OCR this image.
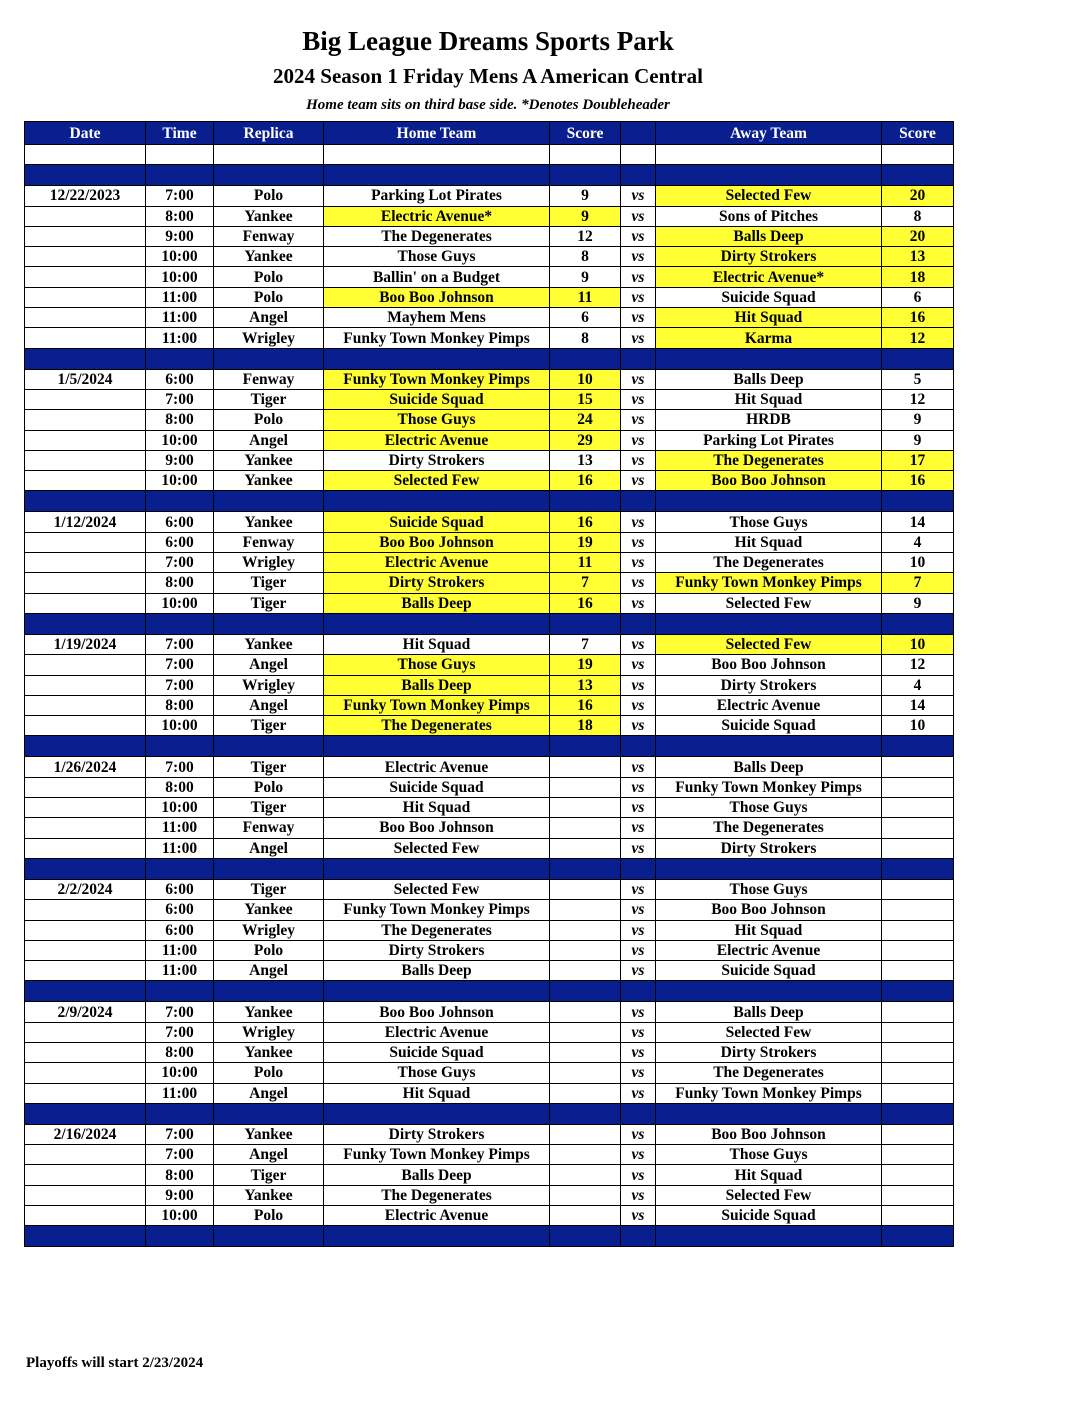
Big League Dreams Sports Park
2024 Season 1 Friday Mens A American Central
Home team sits on third base side. *Denotes Doubleheader
Date	Time	Replica	Home Team	Score		Away Team	Score

12/22/2023	7:00	Polo	Parking Lot Pirates	9	vs	Selected Few	20
	8:00	Yankee	Electric Avenue*	9	vs	Sons of Pitches	8
	9:00	Fenway	The Degenerates	12	vs	Balls Deep	20
	10:00	Yankee	Those Guys	8	vs	Dirty Strokers	13
	10:00	Polo	Ballin' on a Budget	9	vs	Electric Avenue*	18
	11:00	Polo	Boo Boo Johnson	11	vs	Suicide Squad	6
	11:00	Angel	Mayhem Mens	6	vs	Hit Squad	16
	11:00	Wrigley	Funky Town Monkey Pimps	8	vs	Karma	12

1/5/2024	6:00	Fenway	Funky Town Monkey Pimps	10	vs	Balls Deep	5
	7:00	Tiger	Suicide Squad	15	vs	Hit Squad	12
	8:00	Polo	Those Guys	24	vs	HRDB	9
	10:00	Angel	Electric Avenue	29	vs	Parking Lot Pirates	9
	9:00	Yankee	Dirty Strokers	13	vs	The Degenerates	17
	10:00	Yankee	Selected Few	16	vs	Boo Boo Johnson	16

1/12/2024	6:00	Yankee	Suicide Squad	16	vs	Those Guys	14
	6:00	Fenway	Boo Boo Johnson	19	vs	Hit Squad	4
	7:00	Wrigley	Electric Avenue	11	vs	The Degenerates	10
	8:00	Tiger	Dirty Strokers	7	vs	Funky Town Monkey Pimps	7
	10:00	Tiger	Balls Deep	16	vs	Selected Few	9

1/19/2024	7:00	Yankee	Hit Squad	7	vs	Selected Few	10
	7:00	Angel	Those Guys	19	vs	Boo Boo Johnson	12
	7:00	Wrigley	Balls Deep	13	vs	Dirty Strokers	4
	8:00	Angel	Funky Town Monkey Pimps	16	vs	Electric Avenue	14
	10:00	Tiger	The Degenerates	18	vs	Suicide Squad	10

1/26/2024	7:00	Tiger	Electric Avenue		vs	Balls Deep	
	8:00	Polo	Suicide Squad		vs	Funky Town Monkey Pimps	
	10:00	Tiger	Hit Squad		vs	Those Guys	
	11:00	Fenway	Boo Boo Johnson		vs	The Degenerates	
	11:00	Angel	Selected Few		vs	Dirty Strokers	

2/2/2024	6:00	Tiger	Selected Few		vs	Those Guys	
	6:00	Yankee	Funky Town Monkey Pimps		vs	Boo Boo Johnson	
	6:00	Wrigley	The Degenerates		vs	Hit Squad	
	11:00	Polo	Dirty Strokers		vs	Electric Avenue	
	11:00	Angel	Balls Deep		vs	Suicide Squad	

2/9/2024	7:00	Yankee	Boo Boo Johnson		vs	Balls Deep	
	7:00	Wrigley	Electric Avenue		vs	Selected Few	
	8:00	Yankee	Suicide Squad		vs	Dirty Strokers	
	10:00	Polo	Those Guys		vs	The Degenerates	
	11:00	Angel	Hit Squad		vs	Funky Town Monkey Pimps	

2/16/2024	7:00	Yankee	Dirty Strokers		vs	Boo Boo Johnson	
	7:00	Angel	Funky Town Monkey Pimps		vs	Those Guys	
	8:00	Tiger	Balls Deep		vs	Hit Squad	
	9:00	Yankee	The Degenerates		vs	Selected Few	
	10:00	Polo	Electric Avenue		vs	Suicide Squad	

Playoffs will start 2/23/2024
